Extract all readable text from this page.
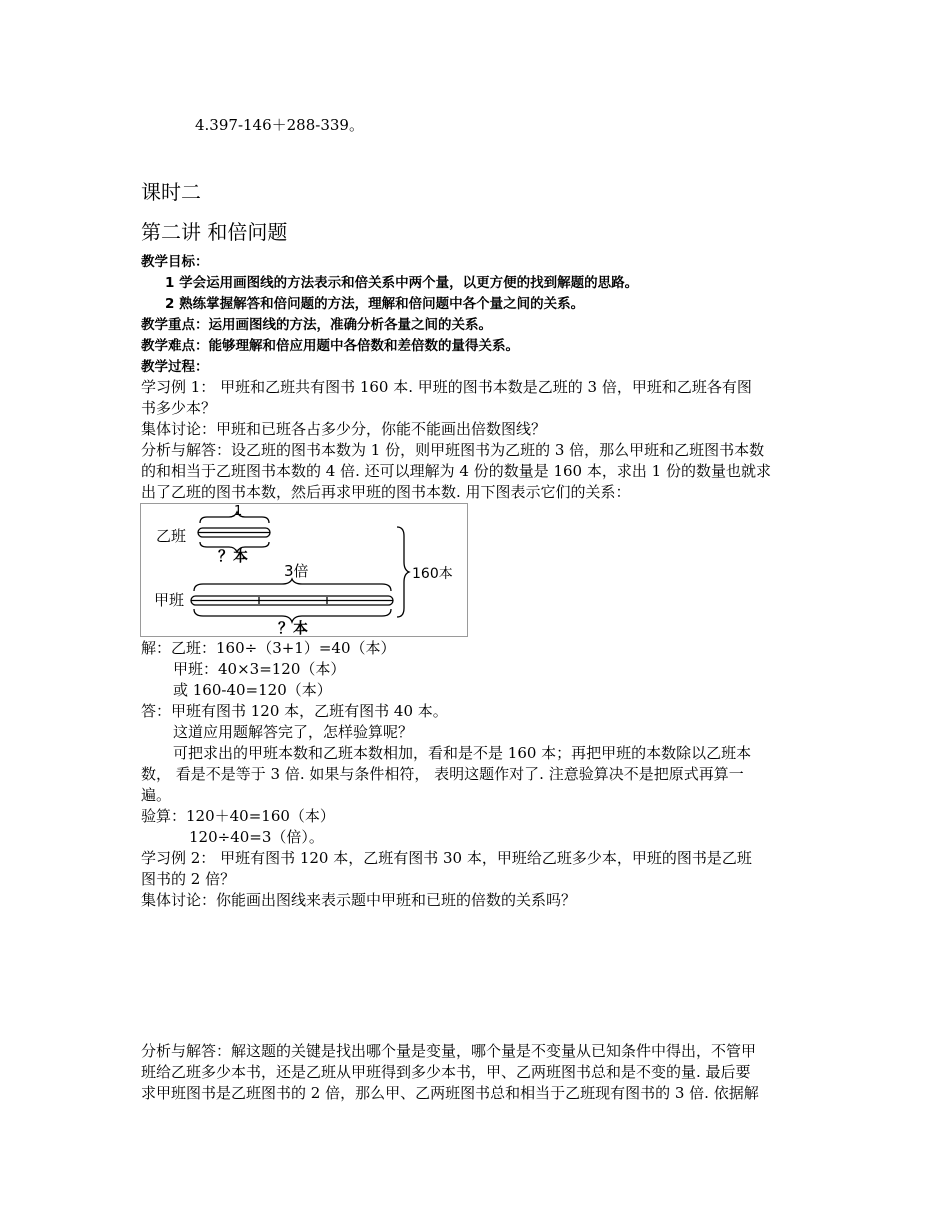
4.397-146＋288-339。
课时二
第二讲 和倍问题
教学目标：
1 学会运用画图线的方法表示和倍关系中两个量，以更方便的找到解题的思路。
2 熟练掌握解答和倍问题的方法，理解和倍问题中各个量之间的关系。
教学重点：运用画图线的方法，准确分析各量之间的关系。
教学难点：能够理解和倍应用题中各倍数和差倍数的量得关系。
教学过程：
学习例 1： 甲班和乙班共有图书 160 本. 甲班的图书本数是乙班的 3 倍，甲班和乙班各有图
书多少本？
集体讨论：甲班和已班各占多少分，你能不能画出倍数图线？
分析与解答：设乙班的图书本数为 1 份，则甲班图书为乙班的 3 倍，那么甲班和乙班图书本数
的和相当于乙班图书本数的 4 倍. 还可以理解为 4 份的数量是 160 本，求出 1 份的数量也就求
出了乙班的图书本数，然后再求甲班的图书本数. 用下图表示它们的关系：
1
乙班
？本
3倍	160本
甲班
？本
解：乙班：160÷（3+1）=40（本）
甲班：40×3=120（本）
或 160-40=120（本）
答：甲班有图书 120 本，乙班有图书 40 本。
这道应用题解答完了，怎样验算呢？
可把求出的甲班本数和乙班本数相加，看和是不是 160 本；再把甲班的本数除以乙班本
数， 看是不是等于 3 倍. 如果与条件相符， 表明这题作对了. 注意验算决不是把原式再算一
遍。
验算：120＋40=160（本）
120÷40=3（倍）。
学习例 2： 甲班有图书 120 本，乙班有图书 30 本，甲班给乙班多少本，甲班的图书是乙班
图书的 2 倍？
集体讨论：你能画出图线来表示题中甲班和已班的倍数的关系吗？
分析与解答：解这题的关键是找出哪个量是变量，哪个量是不变量从已知条件中得出，不管甲
班给乙班多少本书，还是乙班从甲班得到多少本书，甲、乙两班图书总和是不变的量. 最后要
求甲班图书是乙班图书的 2 倍，那么甲、乙两班图书总和相当于乙班现有图书的 3 倍. 依据解
